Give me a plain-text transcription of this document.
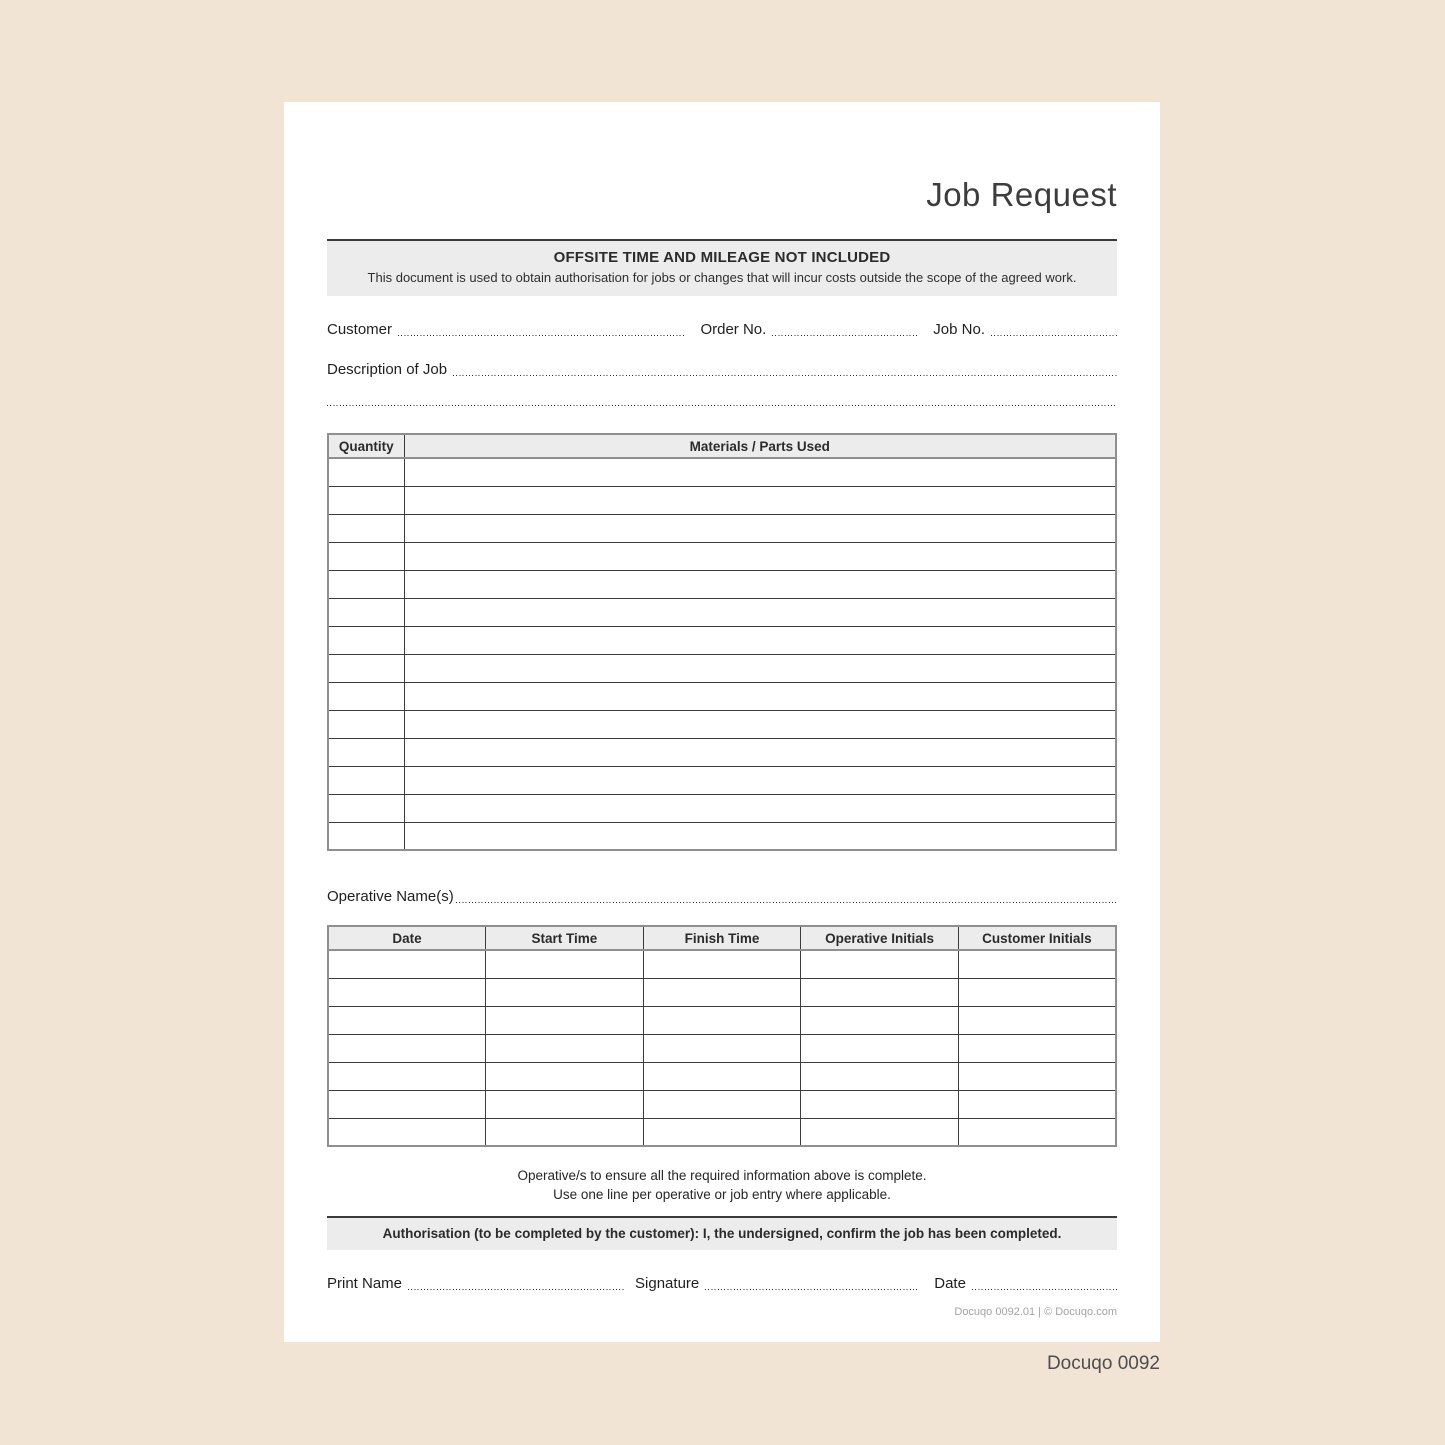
Job Request
OFFSITE TIME AND MILEAGE NOT INCLUDED
This document is used to obtain authorisation for jobs or changes that will incur costs outside the scope of the agreed work.
Customer	Order No.	Job No.
Description of Job
Quantity	Materials / Parts Used

Operative Name(s)
Date	Start Time	Finish Time	Operative Initials	Customer Initials

Operative/s to ensure all the required information above is complete.
Use one line per operative or job entry where applicable.
Authorisation (to be completed by the customer): I, the undersigned, confirm the job has been completed.
Print Name	Signature	Date
Docuqo 0092.01 | © Docuqo.com
Docuqo 0092
